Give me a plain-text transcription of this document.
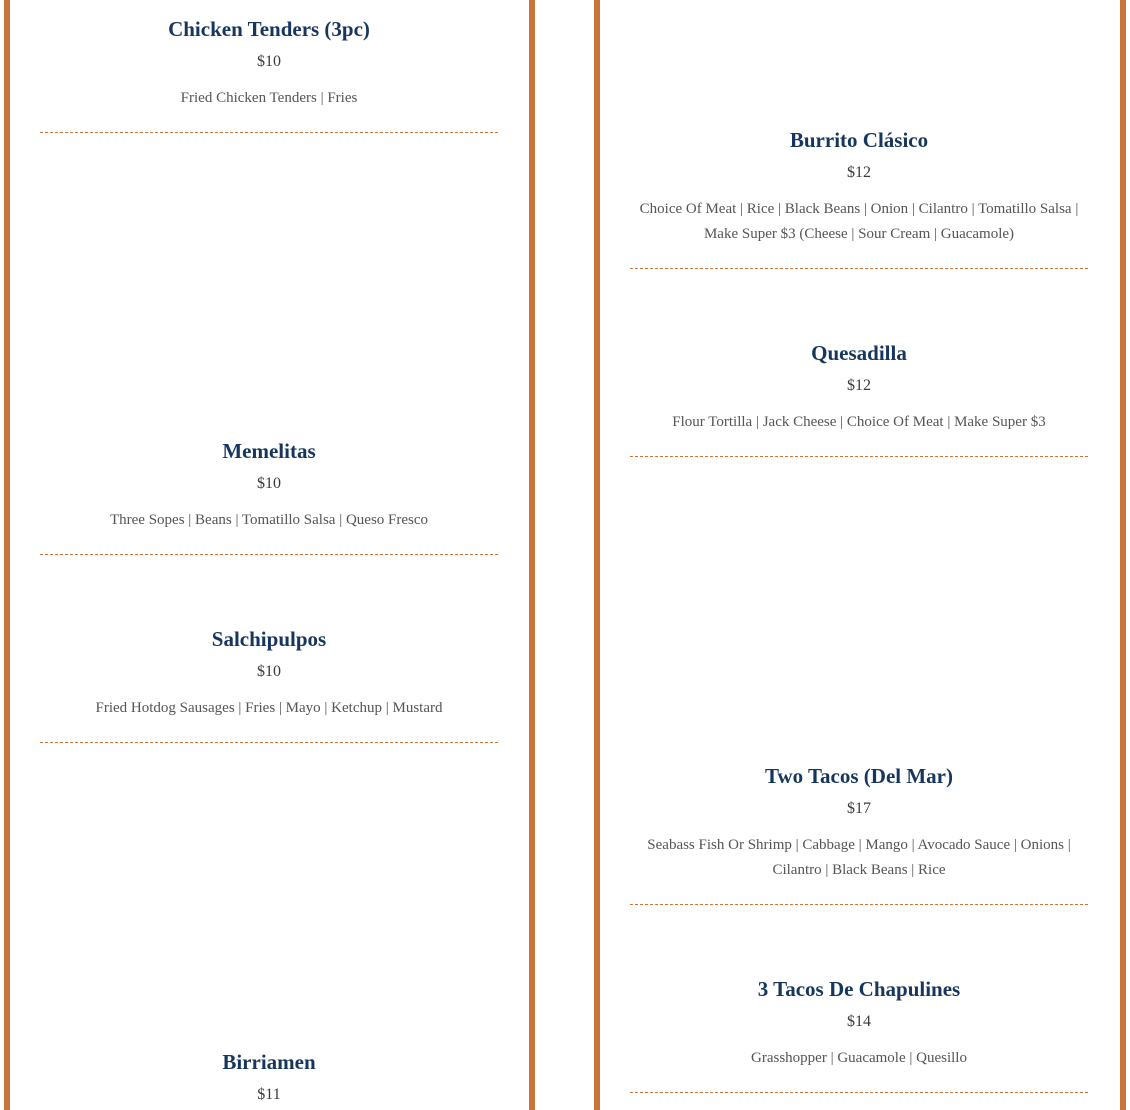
Chicken Tenders (3pc)
$10
Fried Chicken Tenders | Fries
Memelitas
$10
Three Sopes | Beans | Tomatillo Salsa | Queso Fresco
Salchipulpos
$10
Fried Hotdog Sausages | Fries | Mayo | Ketchup | Mustard
Birriamen
$11
Burrito Clásico
$12
Choice Of Meat | Rice | Black Beans | Onion | Cilantro | Tomatillo Salsa | Make Super $3 (Cheese | Sour Cream | Guacamole)
Quesadilla
$12
Flour Tortilla | Jack Cheese | Choice Of Meat | Make Super $3
Two Tacos (Del Mar)
$17
Seabass Fish Or Shrimp | Cabbage | Mango | Avocado Sauce | Onions | Cilantro | Black Beans | Rice
3 Tacos De Chapulines
$14
Grasshopper | Guacamole | Quesillo
